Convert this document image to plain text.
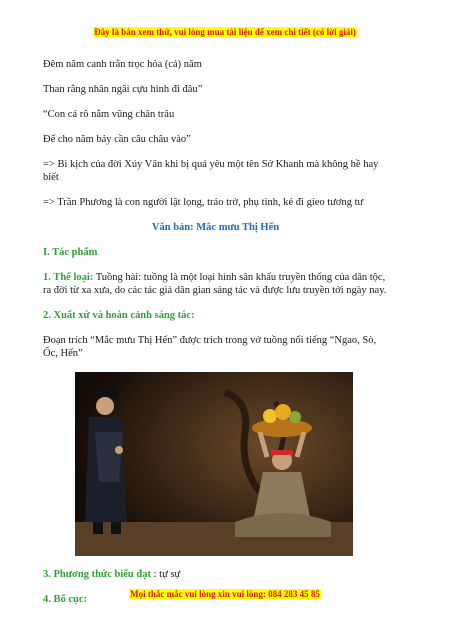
Đây là bản xem thử, vui lòng mua tài liệu để xem chi tiết (có lời giải)

Đêm năm canh trằn trọc hỏa (cả) năm

Than rằng nhân ngãi cựu hình đi đâu”

“Con cá rô nằm vũng chân trâu

Để cho năm bảy cần câu châu vào”

=> Bi kịch của đời Xúy Vân khi bị quá yêu một tên Sở Khanh mà không hề hay biết

=> Trần Phương là con người lật lọng, tráo trở, phụ tình, kẻ đi gieo tương tư

Văn bản: Mắc mưu Thị Hến

I. Tác phẩm

1. Thể loại: Tuồng hài: tuồng là một loại hình sân khấu truyền thống của dân tộc, ra đời từ xa xưa, do các tác giả dân gian sáng tác và được lưu truyền tới ngày nay.

2. Xuất xứ và hoàn cảnh sáng tác:

Đoạn trích “Mắc mưu Thị Hến” được trích trong vở tuồng nổi tiếng “Ngao, Sò, Ốc, Hến”

3. Phương thức biểu đạt : tự sự

4. Bố cục:	Mọi thắc mắc vui lòng xin vui lòng: 084 283 45 85
